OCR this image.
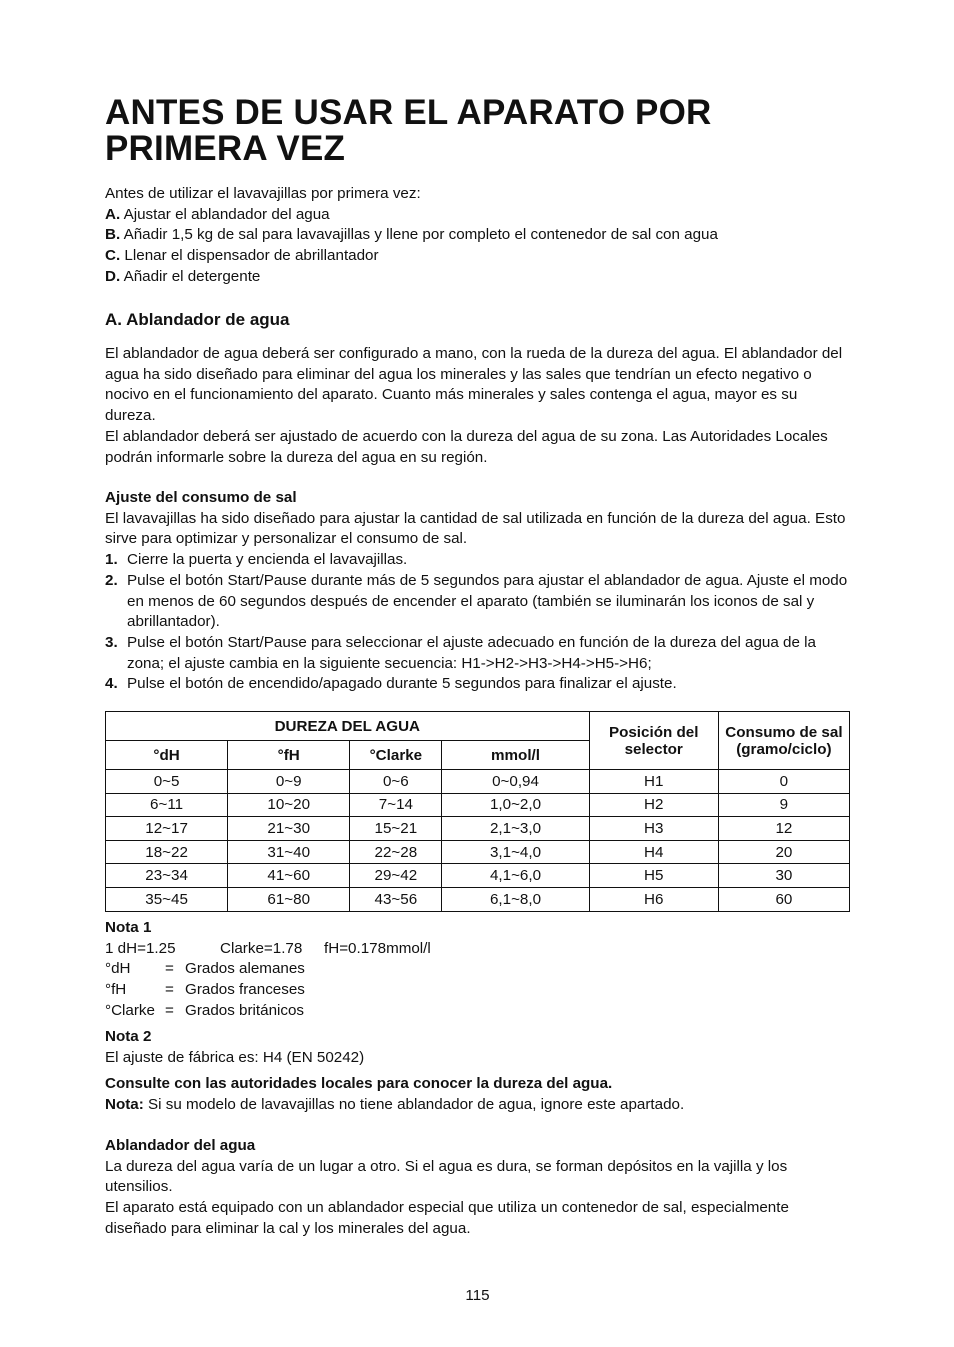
ANTES DE USAR EL APARATO POR PRIMERA VEZ

Antes de utilizar el lavavajillas por primera vez:

A. Ajustar el ablandador del agua

B. Añadir 1,5 kg de sal para lavavajillas y llene por completo el contenedor de sal con agua

C. Llenar el dispensador de abrillantador

D. Añadir el detergente

A. Ablandador de agua

El ablandador de agua deberá ser configurado a mano, con la rueda de la dureza del agua. El ablandador del agua ha sido diseñado para eliminar del agua los minerales y las sales que tendrían un efecto negativo o nocivo en el funcionamiento del aparato. Cuanto más minerales y sales contenga el agua, mayor es su dureza.

El ablandador deberá ser ajustado de acuerdo con la dureza del agua de su zona. Las Autoridades Locales podrán informarle sobre la dureza del agua en su región.

Ajuste del consumo de sal

El lavavajillas ha sido diseñado para ajustar la cantidad de sal utilizada en función de la dureza del agua. Esto sirve para optimizar y personalizar el consumo de sal.

1. Cierre la puerta y encienda el lavavajillas.
2. Pulse el botón Start/Pause durante más de 5 segundos para ajustar el ablandador de agua. Ajuste el modo en menos de 60 segundos después de encender el aparato (también se iluminarán los iconos de sal y abrillantador).
3. Pulse el botón Start/Pause para seleccionar el ajuste adecuado en función de la dureza del agua de la zona; el ajuste cambia en la siguiente secuencia: H1->H2->H3->H4->H5->H6;
4. Pulse el botón de encendido/apagado durante 5 segundos para finalizar el ajuste.
DUREZA DEL AGUA				Posición del selector	Consumo de sal (gramo/ciclo)
°dH	°fH	°Clarke	mmol/l		
0~5	0~9	0~6	0~0,94	H1	0
6~11	10~20	7~14	1,0~2,0	H2	9
12~17	21~30	15~21	2,1~3,0	H3	12
18~22	31~40	22~28	3,1~4,0	H4	20
23~34	41~60	29~42	4,1~6,0	H5	30
35~45	61~80	43~56	6,1~8,0	H6	60

Nota 1

1 dH=1.25	Clarke=1.78	fH=0.178mmol/l
°dH	= Grados alemanes
°fH	= Grados franceses
°Clarke = Grados británicos

Nota 2

El ajuste de fábrica es: H4 (EN 50242)

Consulte con las autoridades locales para conocer la dureza del agua.

Nota: Si su modelo de lavavajillas no tiene ablandador de agua, ignore este apartado.

Ablandador del agua

La dureza del agua varía de un lugar a otro. Si el agua es dura, se forman depósitos en la vajilla y los utensilios.

El aparato está equipado con un ablandador especial que utiliza un contenedor de sal, especialmente diseñado para eliminar la cal y los minerales del agua.

115
